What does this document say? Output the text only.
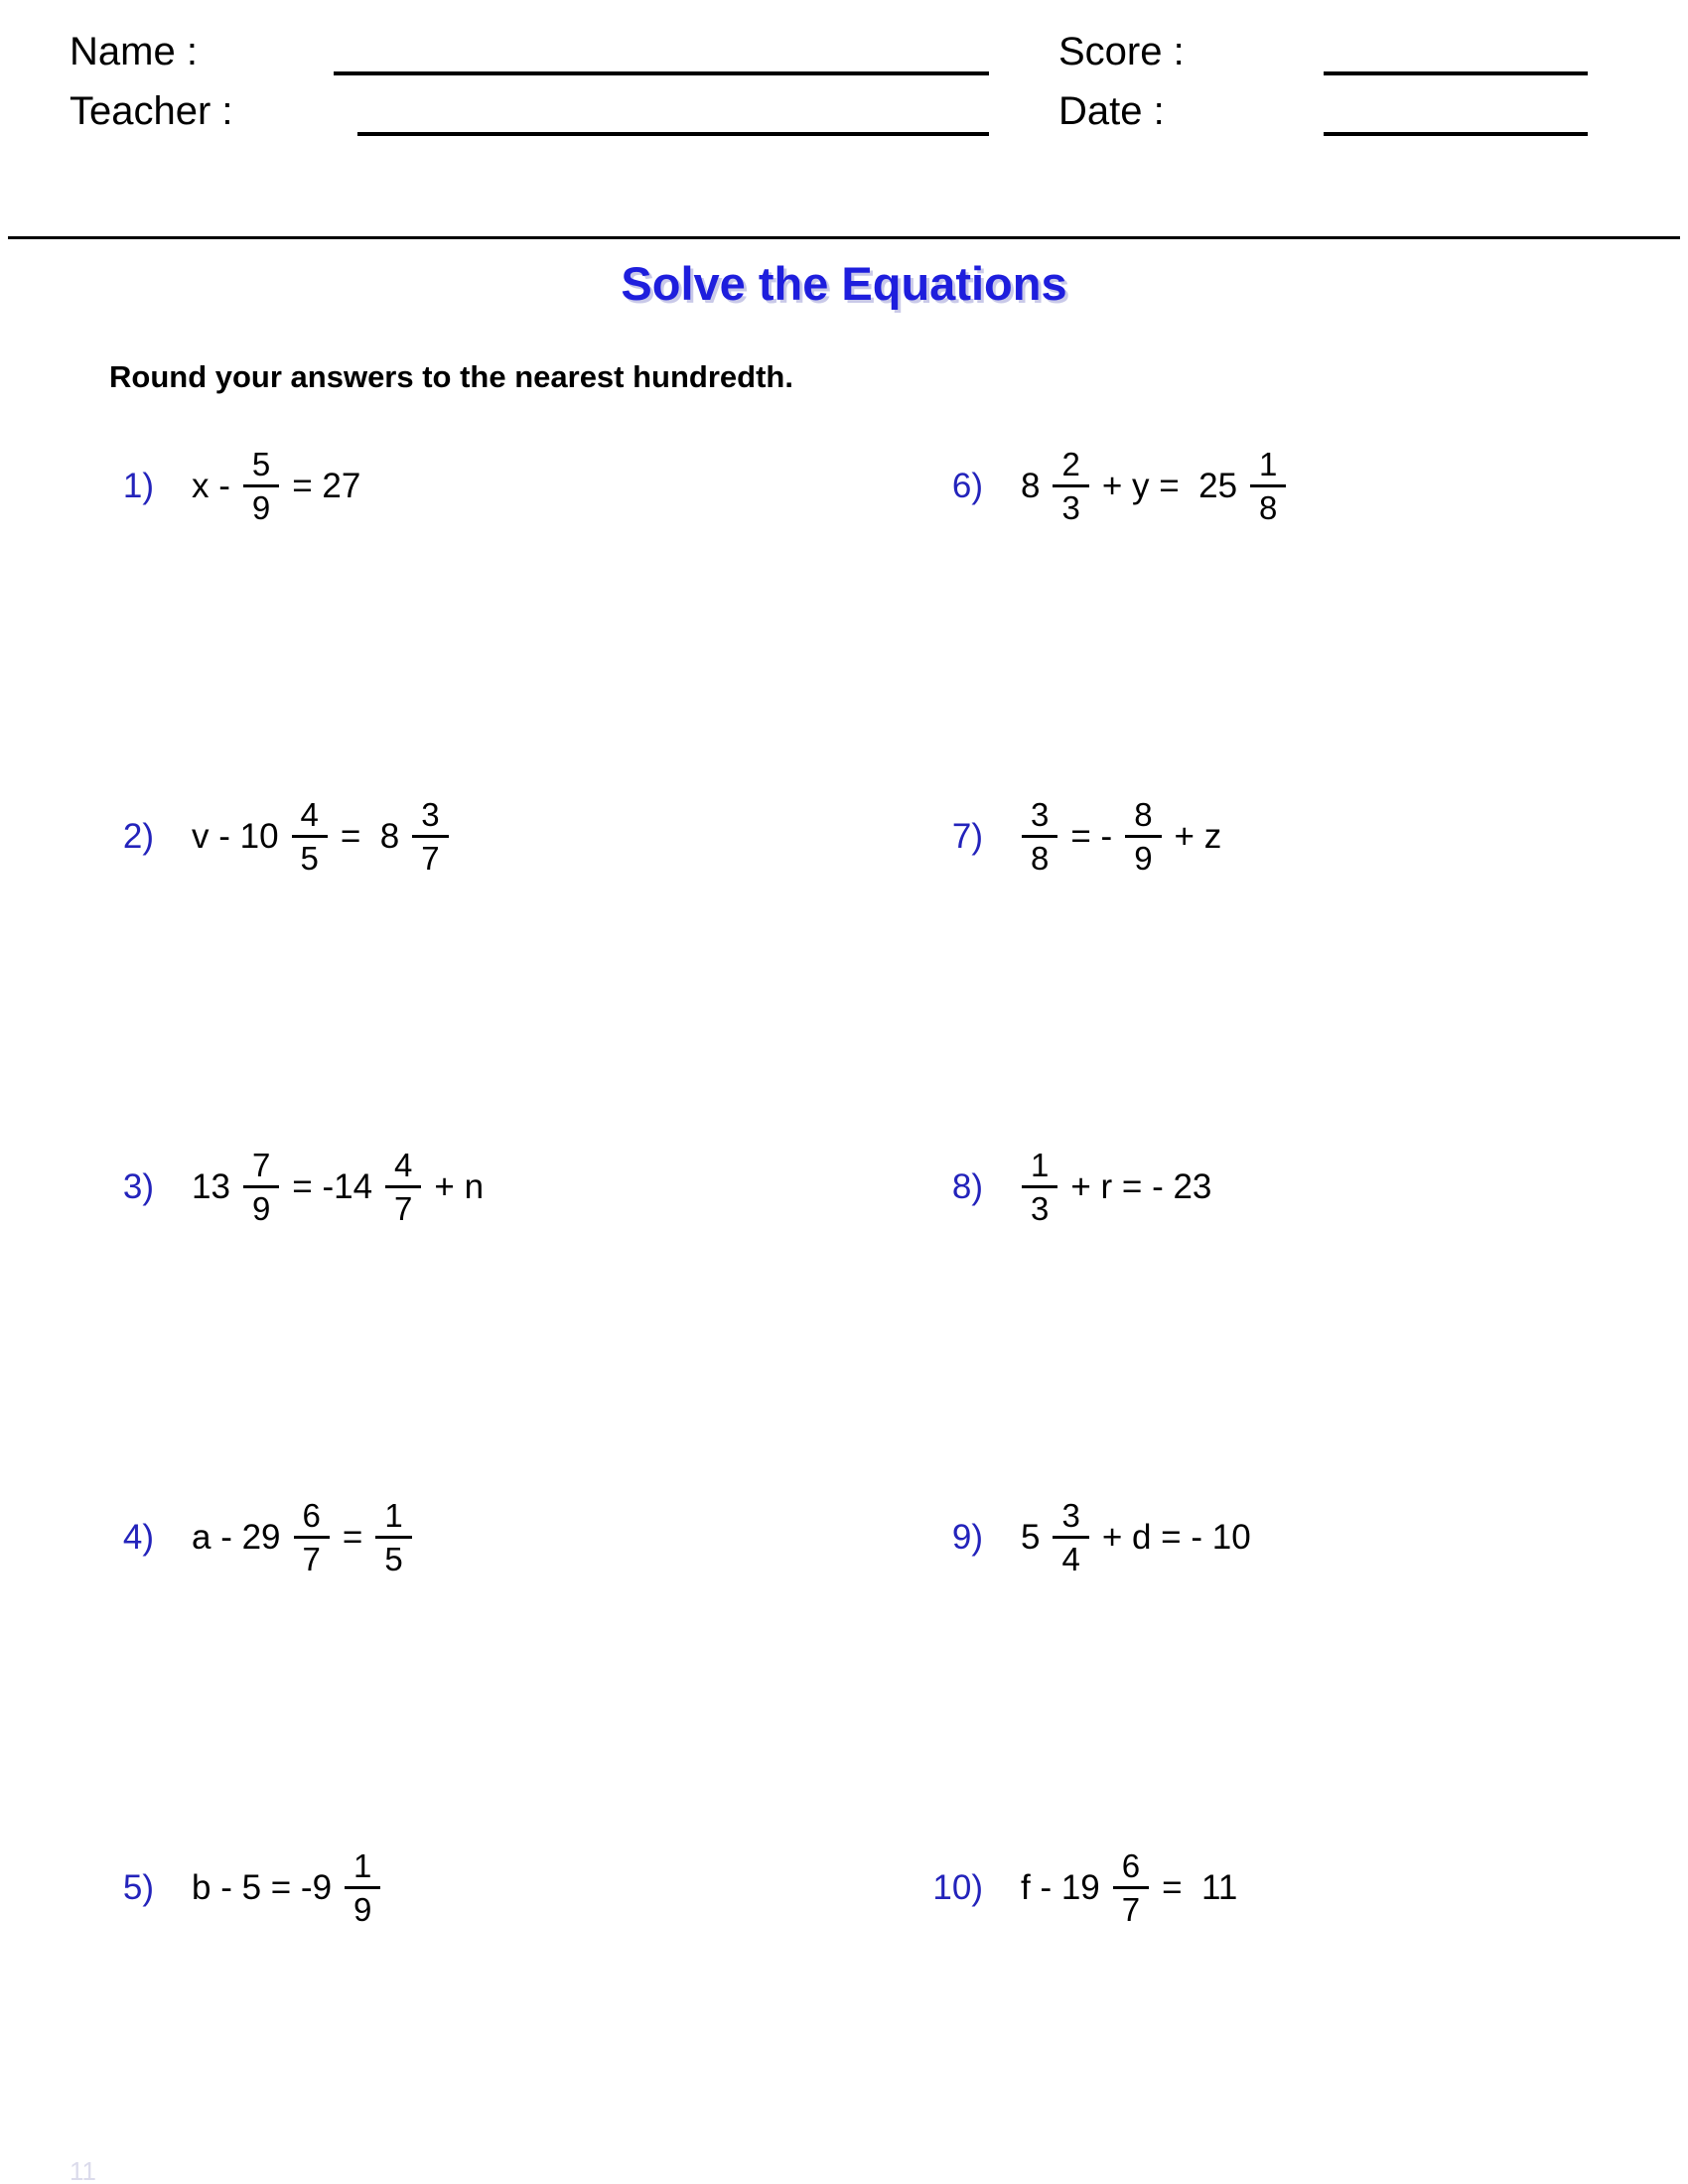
Name :	Score :
Teacher :	Date :
Solve the Equations
Round your answers to the nearest hundredth.
1) $x - \frac{5}{9} = 27$
2) $v - 10 \frac{4}{5} = 8 \frac{3}{7}$
3) $13 \frac{7}{9} = -14 \frac{4}{7} + n$
4) $a - 29 \frac{6}{7} = \frac{1}{5}$
5) $b - 5 = -9 \frac{1}{9}$
6) $8 \frac{2}{3} + y = 25 \frac{1}{8}$
$7) \frac{3}{8}$ = - $\frac{8}{9} + z$
$8) \frac{1}{3} + r$ = - 23
9) $5 \frac{3}{4} + d$ = - 10
10) $f - 19 \frac{6}{7} = 11$
11
